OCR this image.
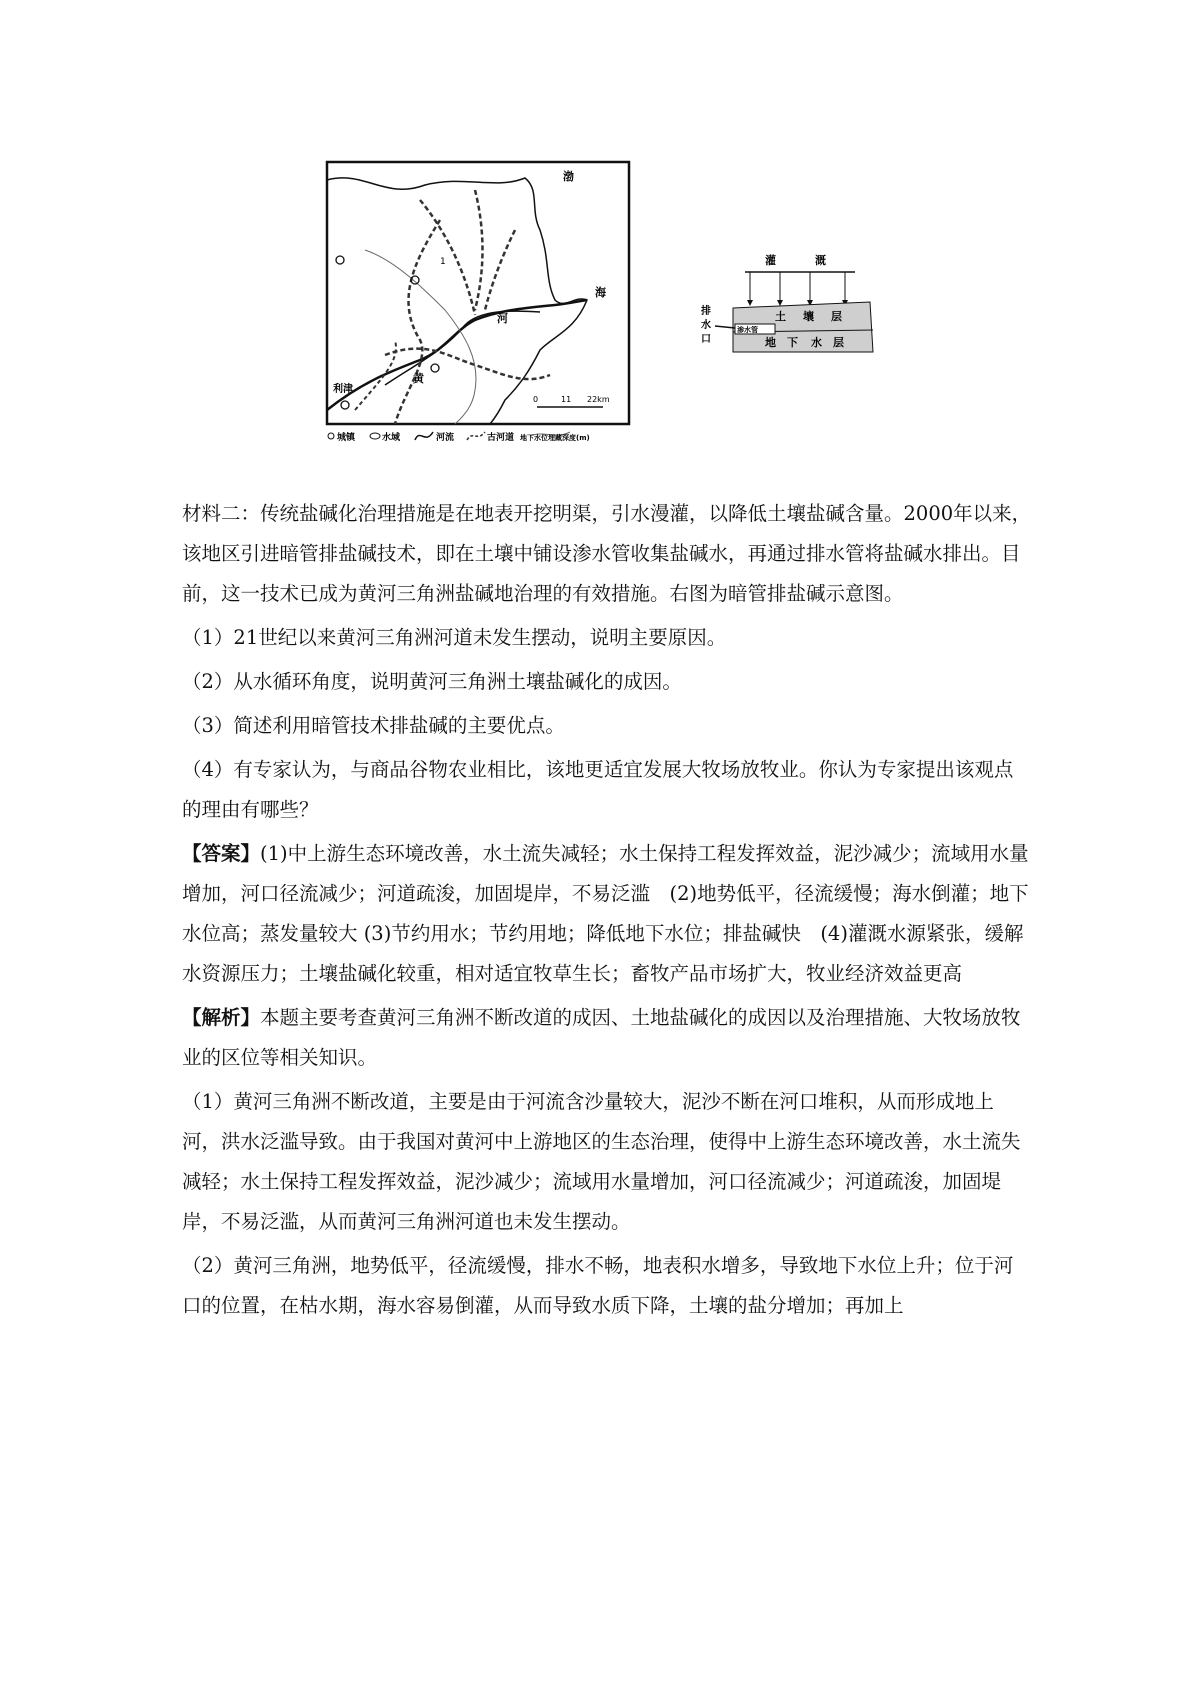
渤
海
河
黄
利津
1
0	11 22km
城镇	水域	河流	古河道 地下水位埋藏深度(m)
灌	溉
渗水管
土 壤 层
地 下 水 层
排
水
口

材料二：传统盐碱化治理措施是在地表开挖明渠，引水漫灌，以降低土壤盐碱含量。2000年以来，该地区引进暗管排盐碱技术，即在土壤中铺设渗水管收集盐碱水，再通过排水管将盐碱水排出。目前，这一技术已成为黄河三角洲盐碱地治理的有效措施。右图为暗管排盐碱示意图。

（1）21世纪以来黄河三角洲河道未发生摆动，说明主要原因。

（2）从水循环角度，说明黄河三角洲土壤盐碱化的成因。

（3）简述利用暗管技术排盐碱的主要优点。

（4）有专家认为，与商品谷物农业相比，该地更适宜发展大牧场放牧业。你认为专家提出该观点的理由有哪些？

【答案】(1)中上游生态环境改善，水土流失减轻；水土保持工程发挥效益，泥沙减少；流域用水量增加，河口径流减少；河道疏浚，加固堤岸，不易泛滥　(2)地势低平，径流缓慢；海水倒灌；地下水位高；蒸发量较大 (3)节约用水；节约用地；降低地下水位；排盐碱快　(4)灌溉水源紧张，缓解水资源压力；土壤盐碱化较重，相对适宜牧草生长；畜牧产品市场扩大，牧业经济效益更高

【解析】本题主要考查黄河三角洲不断改道的成因、土地盐碱化的成因以及治理措施、大牧场放牧业的区位等相关知识。

（1）黄河三角洲不断改道，主要是由于河流含沙量较大，泥沙不断在河口堆积，从而形成地上河，洪水泛滥导致。由于我国对黄河中上游地区的生态治理，使得中上游生态环境改善，水土流失减轻；水土保持工程发挥效益，泥沙减少；流域用水量增加，河口径流减少；河道疏浚，加固堤岸，不易泛滥，从而黄河三角洲河道也未发生摆动。

（2）黄河三角洲，地势低平，径流缓慢，排水不畅，地表积水增多，导致地下水位上升；位于河口的位置，在枯水期，海水容易倒灌，从而导致水质下降，土壤的盐分增加；再加上
